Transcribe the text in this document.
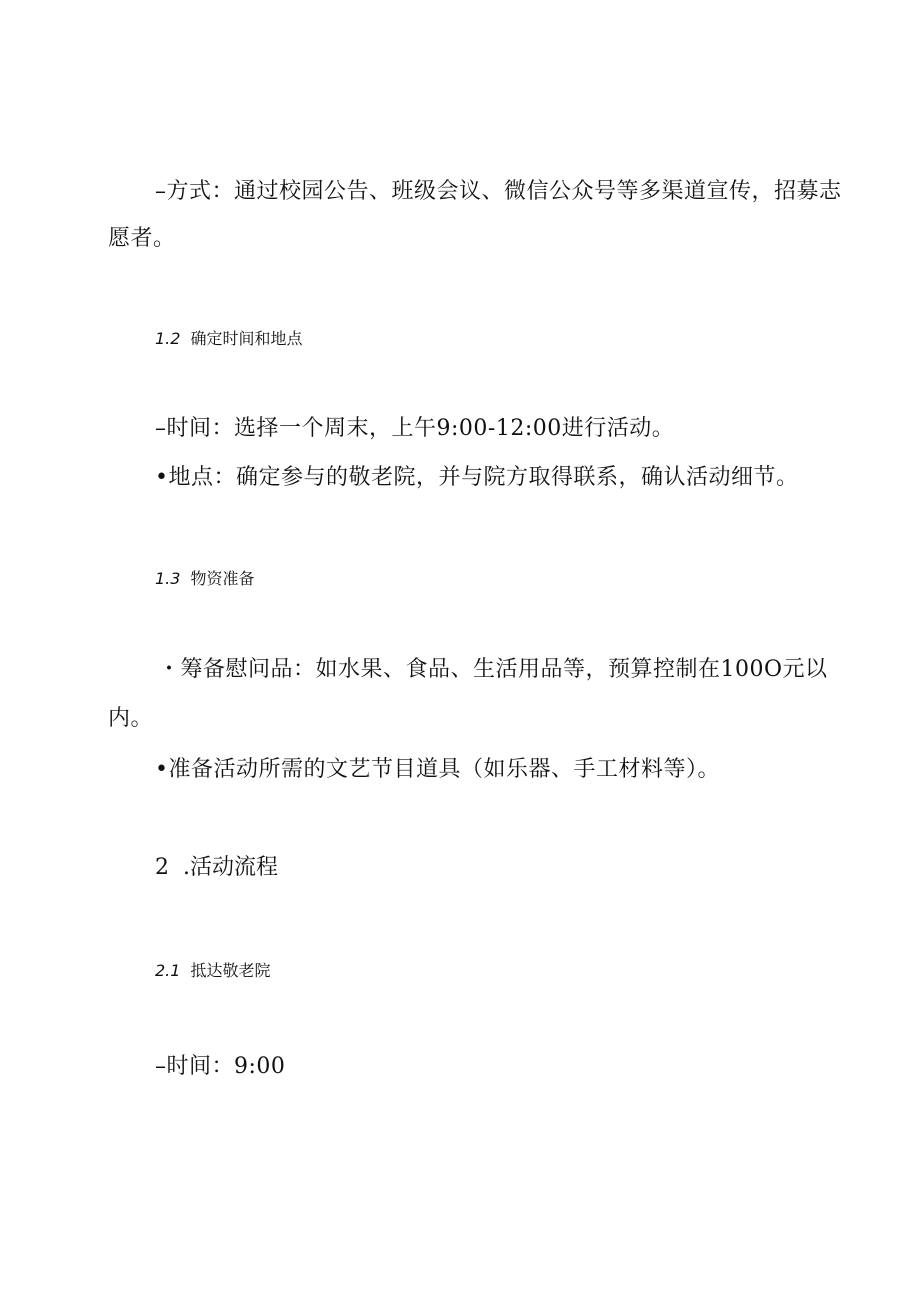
–方式：通过校园公告、班级会议、微信公众号等多渠道宣传，招募志

愿者。

1.2 确定时间和地点

–时间：选择一个周末，上午9:00-12:00进行活动。

•地点：确定参与的敬老院，并与院方取得联系，确认活动细节。

1.3 物资准备

・筹备慰问品：如水果、食品、生活用品等，预算控制在100O元以

内。

•准备活动所需的文艺节目道具（如乐器、手工材料等）。

2 .活动流程
2.1 抵达敬老院

–时间：9:00
